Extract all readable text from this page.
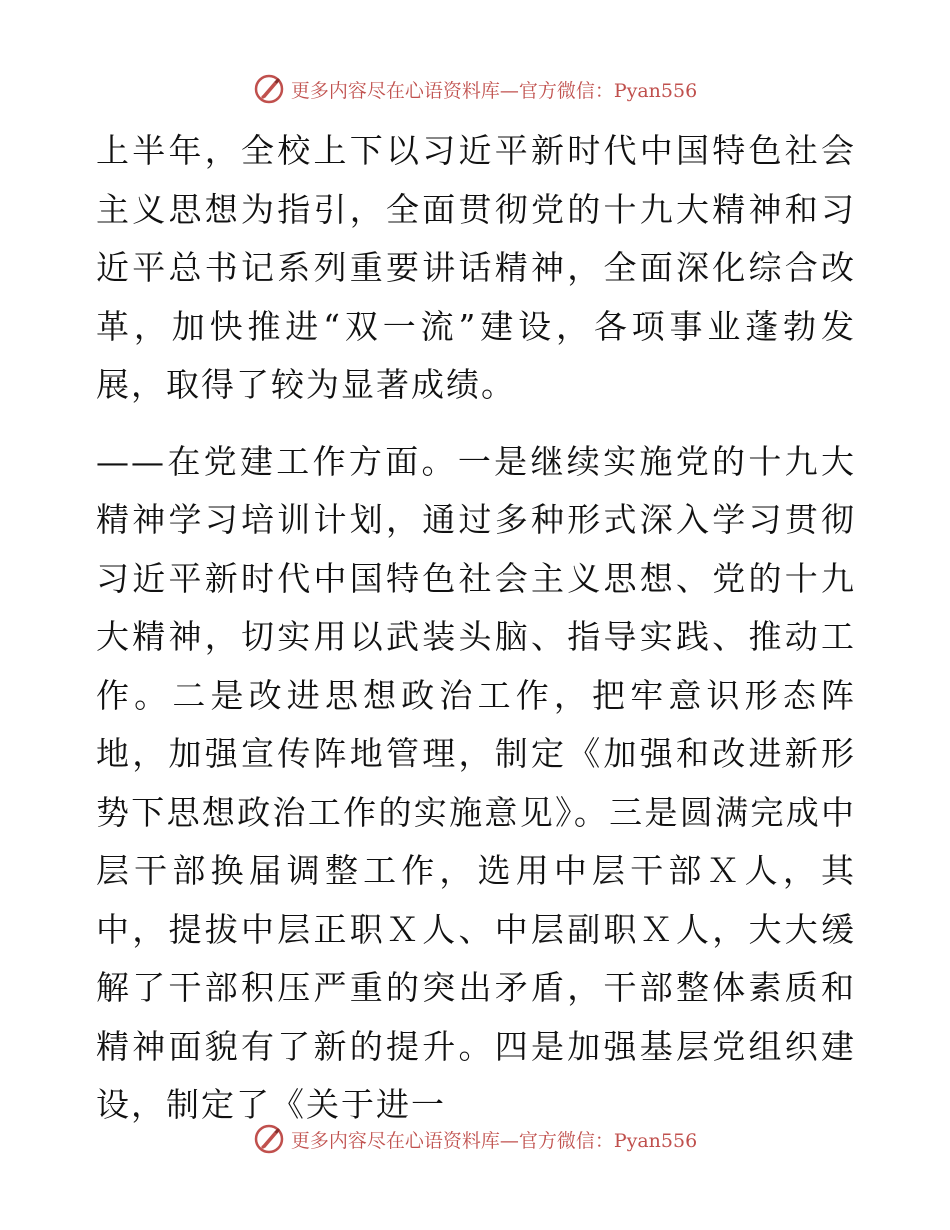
更多内容尽在心语资料库—官方微信：Pyan556

上半年，全校上下以习近平新时代中国特色社会主义思想为指引，全面贯彻党的十九大精神和习近平总书记系列重要讲话精神，全面深化综合改革，加快推进“双一流”建设，各项事业蓬勃发展，取得了较为显著成绩。

——在党建工作方面。一是继续实施党的十九大精神学习培训计划，通过多种形式深入学习贯彻习近平新时代中国特色社会主义思想、党的十九大精神，切实用以武装头脑、指导实践、推动工作。二是改进思想政治工作，把牢意识形态阵地，加强宣传阵地管理，制定《加强和改进新形势下思想政治工作的实施意见》。三是圆满完成中层干部换届调整工作，选用中层干部Ｘ人，其中，提拔中层正职Ｘ人、中层副职Ｘ人，大大缓解了干部积压严重的突出矛盾，干部整体素质和精神面貌有了新的提升。四是加强基层党组织建设，制定了《关于进一

更多内容尽在心语资料库—官方微信：Pyan556
